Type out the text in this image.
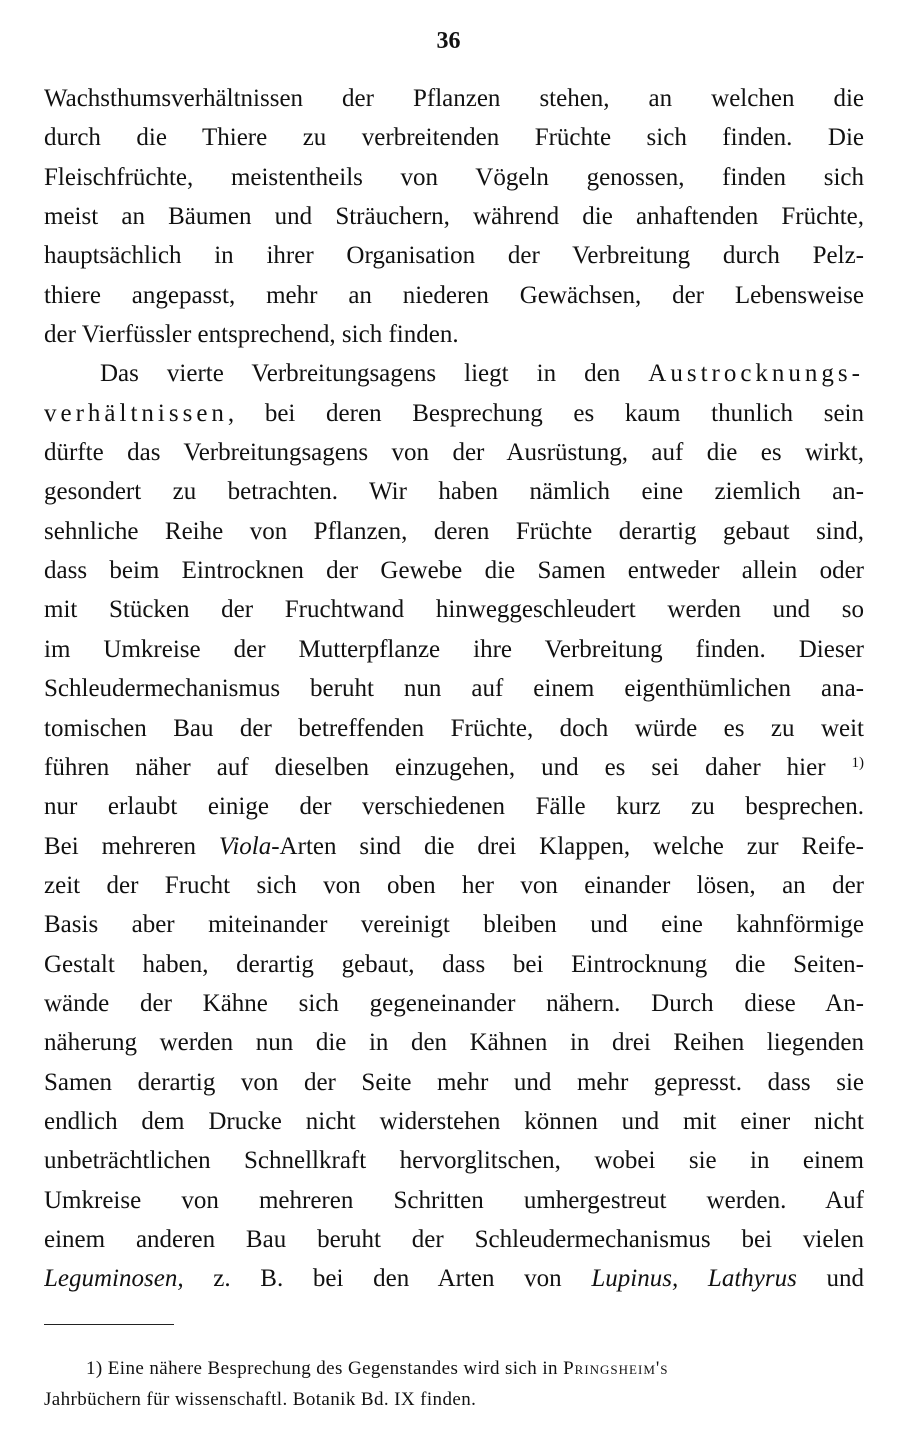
36
Wachsthumsverhältnissen der Pflanzen stehen, an welchen die
durch die Thiere zu verbreitenden Früchte sich finden. Die
Fleischfrüchte, meistentheils von Vögeln genossen, finden sich
meist an Bäumen und Sträuchern, während die anhaftenden Früchte,
hauptsächlich in ihrer Organisation der Verbreitung durch Pelz-
thiere angepasst, mehr an niederen Gewächsen, der Lebensweise
der Vierfüssler entsprechend, sich finden.
Das vierte Verbreitungsagens liegt in den Austrocknungs-
verhältnissen, bei deren Besprechung es kaum thunlich sein
dürfte das Verbreitungsagens von der Ausrüstung, auf die es wirkt,
gesondert zu betrachten. Wir haben nämlich eine ziemlich an-
sehnliche Reihe von Pflanzen, deren Früchte derartig gebaut sind,
dass beim Eintrocknen der Gewebe die Samen entweder allein oder
mit Stücken der Fruchtwand hinweggeschleudert werden und so
im Umkreise der Mutterpflanze ihre Verbreitung finden. Dieser
Schleudermechanismus beruht nun auf einem eigenthümlichen ana-
tomischen Bau der betreffenden Früchte, doch würde es zu weit
führen näher auf dieselben einzugehen, und es sei daher hier $^{1)}$
nur erlaubt einige der verschiedenen Fälle kurz zu besprechen.
Bei mehreren Viola-Arten sind die drei Klappen, welche zur Reife-
zeit der Frucht sich von oben her von einander lösen, an der
Basis aber miteinander vereinigt bleiben und eine kahnförmige
Gestalt haben, derartig gebaut, dass bei Eintrocknung die Seiten-
wände der Kähne sich gegeneinander nähern. Durch diese An-
näherung werden nun die in den Kähnen in drei Reihen liegenden
Samen derartig von der Seite mehr und mehr gepresst. dass sie
endlich dem Drucke nicht widerstehen können und mit einer nicht
unbeträchtlichen Schnellkraft hervorglitschen, wobei sie in einem
Umkreise von mehreren Schritten umhergestreut werden. Auf
einem anderen Bau beruht der Schleudermechanismus bei vielen
Leguminosen, z. B. bei den Arten von Lupinus, Lathyrus und
1) Eine nähere Besprechung des Gegenstandes wird sich in Pringsheim's
Jahrbüchern für wissenschaftl. Botanik Bd. IX finden.
